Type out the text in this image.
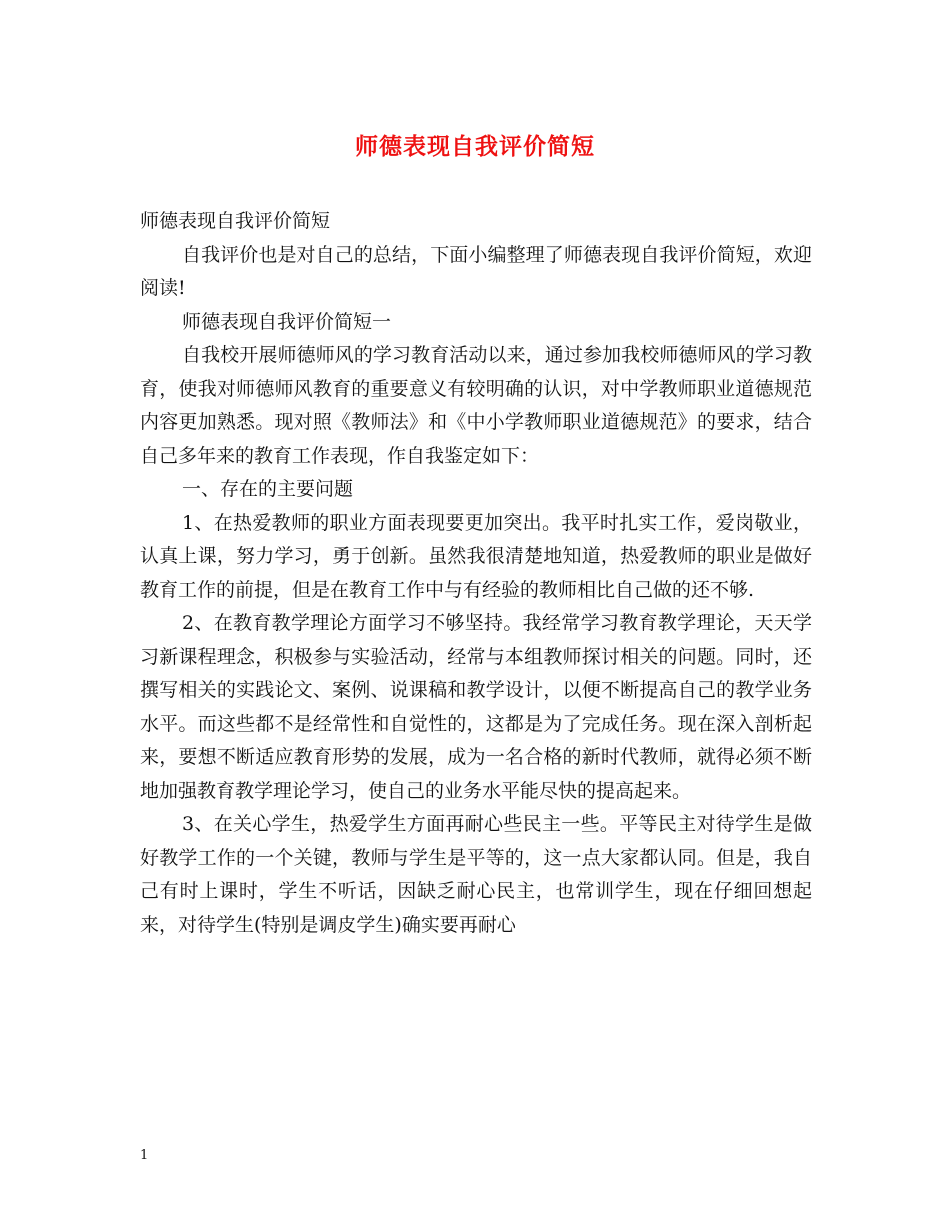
师德表现自我评价简短

师德表现自我评价简短

自我评价也是对自己的总结，下面小编整理了师德表现自我评价简短，欢迎阅读!

师德表现自我评价简短一

自我校开展师德师风的学习教育活动以来，通过参加我校师德师风的学习教育，使我对师德师风教育的重要意义有较明确的认识，对中学教师职业道德规范内容更加熟悉。现对照《教师法》和《中小学教师职业道德规范》的要求，结合自己多年来的教育工作表现，作自我鉴定如下：

一、存在的主要问题

1、在热爱教师的职业方面表现要更加突出。我平时扎实工作，爱岗敬业，认真上课，努力学习，勇于创新。虽然我很清楚地知道，热爱教师的职业是做好教育工作的前提，但是在教育工作中与有经验的教师相比自己做的还不够.

2、在教育教学理论方面学习不够坚持。我经常学习教育教学理论，天天学习新课程理念，积极参与实验活动，经常与本组教师探讨相关的问题。同时，还撰写相关的实践论文、案例、说课稿和教学设计，以便不断提高自己的教学业务水平。而这些都不是经常性和自觉性的，这都是为了完成任务。现在深入剖析起来，要想不断适应教育形势的发展，成为一名合格的新时代教师，就得必须不断地加强教育教学理论学习，使自己的业务水平能尽快的提高起来。

3、在关心学生，热爱学生方面再耐心些民主一些。平等民主对待学生是做好教学工作的一个关键，教师与学生是平等的，这一点大家都认同。但是，我自己有时上课时，学生不听话，因缺乏耐心民主，也常训学生，现在仔细回想起来，对待学生(特别是调皮学生)确实要再耐心

1
